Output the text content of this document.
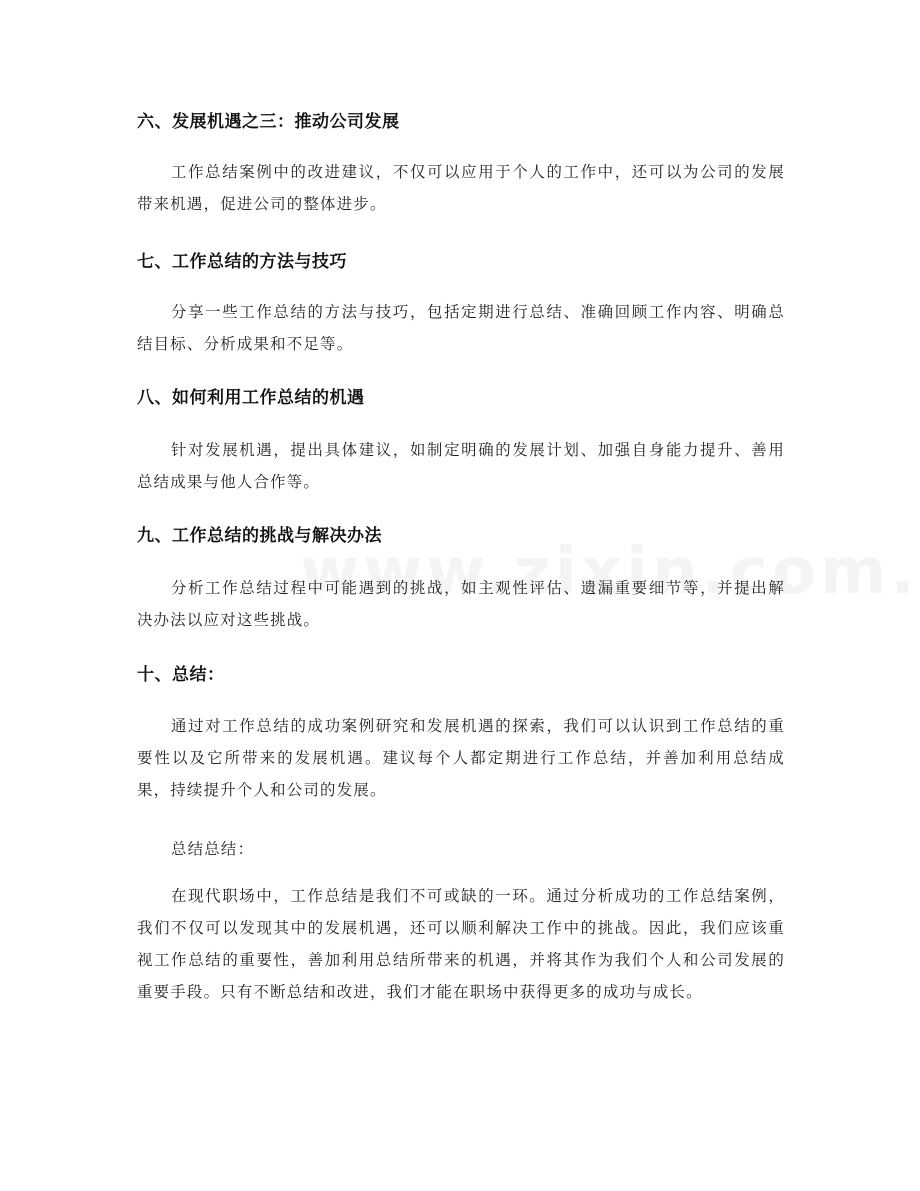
六、发展机遇之三：推动公司发展

工作总结案例中的改进建议，不仅可以应用于个人的工作中，还可以为公司的发展带来机遇，促进公司的整体进步。

七、工作总结的方法与技巧

分享一些工作总结的方法与技巧，包括定期进行总结、准确回顾工作内容、明确总结目标、分析成果和不足等。

八、如何利用工作总结的机遇

针对发展机遇，提出具体建议，如制定明确的发展计划、加强自身能力提升、善用总结成果与他人合作等。

九、工作总结的挑战与解决办法

分析工作总结过程中可能遇到的挑战，如主观性评估、遗漏重要细节等，并提出解决办法以应对这些挑战。

十、总结：

通过对工作总结的成功案例研究和发展机遇的探索，我们可以认识到工作总结的重要性以及它所带来的发展机遇。建议每个人都定期进行工作总结，并善加利用总结成果，持续提升个人和公司的发展。

总结总结：

在现代职场中，工作总结是我们不可或缺的一环。通过分析成功的工作总结案例，我们不仅可以发现其中的发展机遇，还可以顺利解决工作中的挑战。因此，我们应该重视工作总结的重要性，善加利用总结所带来的机遇，并将其作为我们个人和公司发展的重要手段。只有不断总结和改进，我们才能在职场中获得更多的成功与成长。
